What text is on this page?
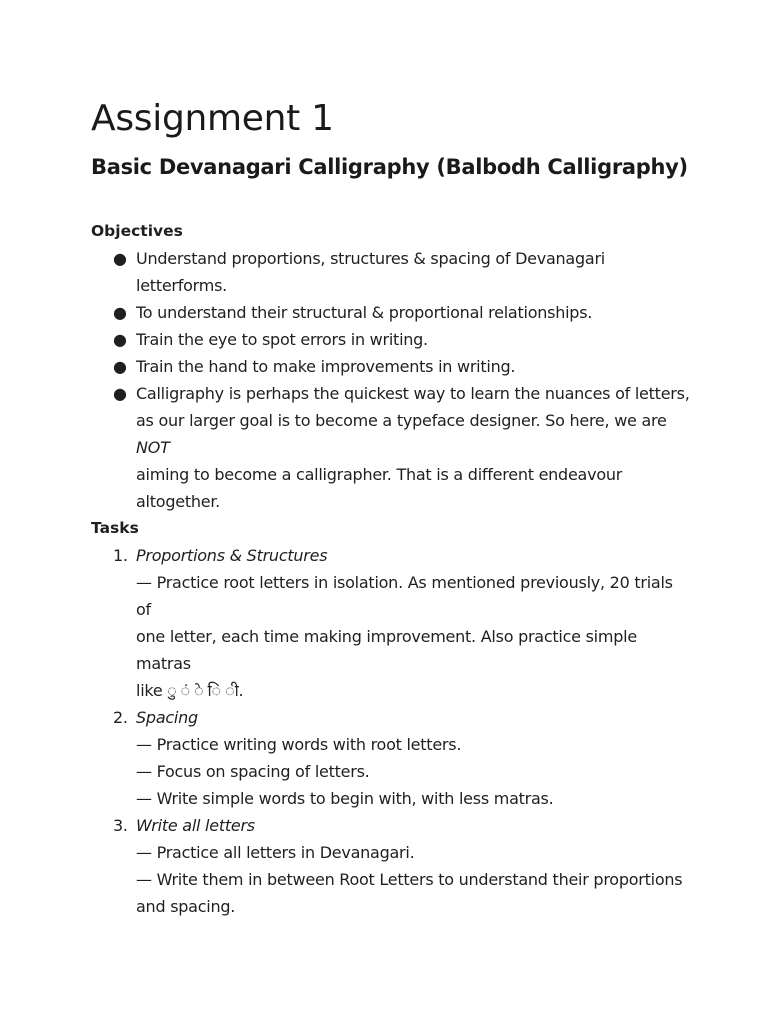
Assignment 1
Basic Devanagari Calligraphy (Balbodh Calligraphy)

Objectives

● Understand proportions, structures & spacing of Devanagari
letterforms.
● To understand their structural & proportional relationships.
● Train the eye to spot errors in writing.
● Train the hand to make improvements in writing.
● Calligraphy is perhaps the quickest way to learn the nuances of letters,
as our larger goal is to become a typeface designer. So here, we are NOT
aiming to become a calligrapher. That is a different endeavour
altogether.

Tasks

1. Proportions & Structures
— Practice root letters in isolation. As mentioned previously, 20 trials of
one letter, each time making improvement. Also practice simple matras
like ु ं े ि ी.
2. Spacing
— Practice writing words with root letters.
— Focus on spacing of letters.
— Write simple words to begin with, with less matras.
3. Write all letters
— Practice all letters in Devanagari.
— Write them in between Root Letters to understand their proportions
and spacing.
